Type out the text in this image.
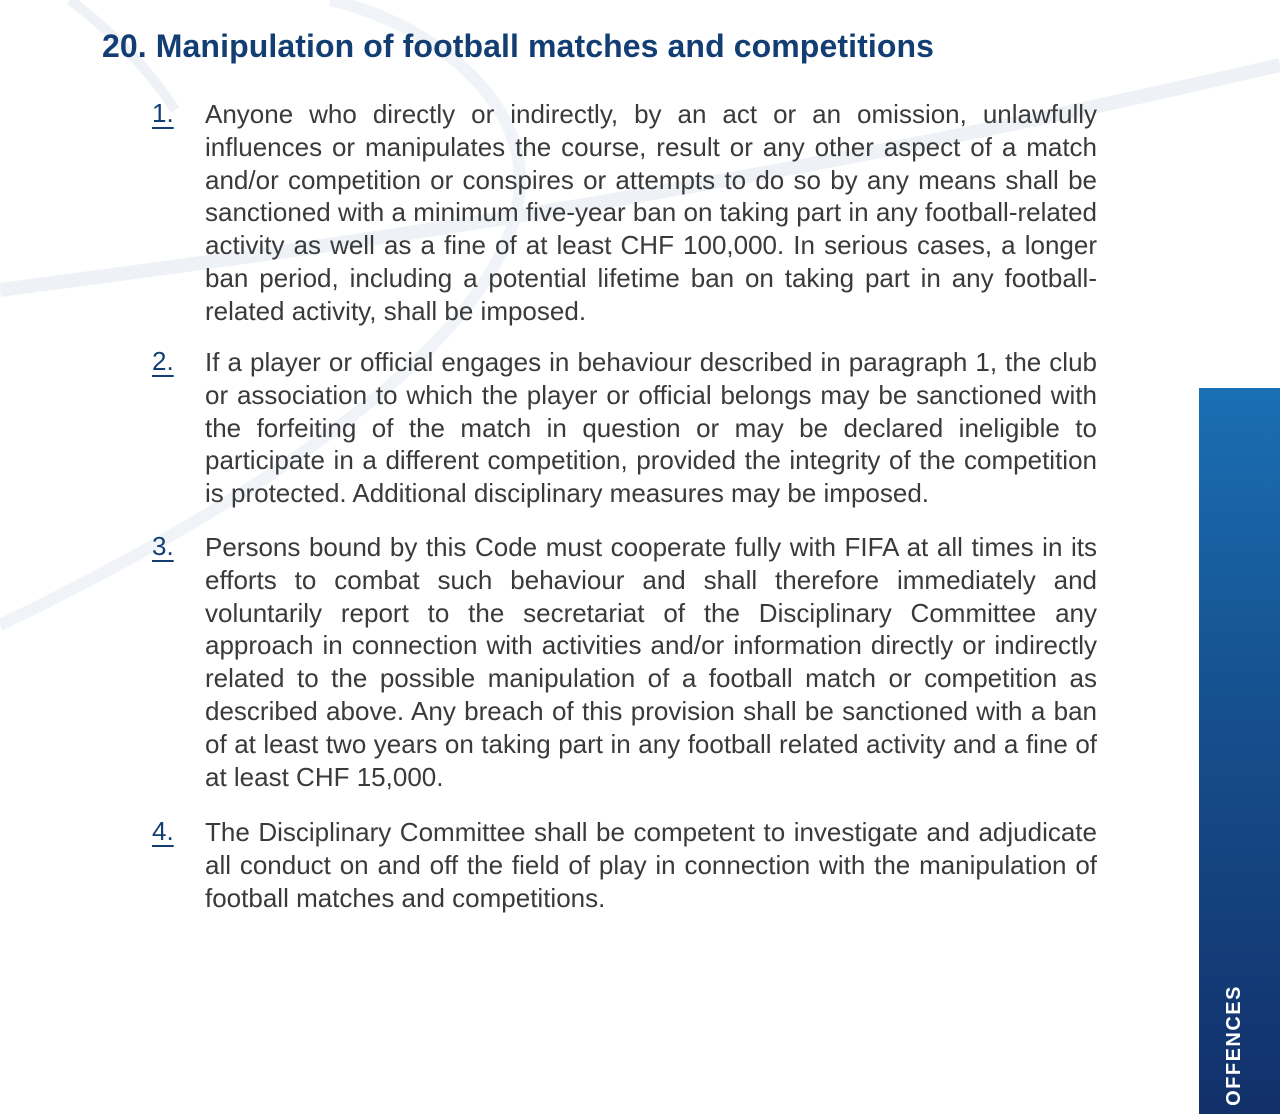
20. Manipulation of football matches and competitions
1. Anyone who directly or indirectly, by an act or an omission, unlawfully influences or manipulates the course, result or any other aspect of a match and/or competition or conspires or attempts to do so by any means shall be sanctioned with a minimum five-year ban on taking part in any football-related activity as well as a fine of at least CHF 100,000. In serious cases, a longer ban period, including a potential lifetime ban on taking part in any football-related activity, shall be imposed.

2. If a player or official engages in behaviour described in paragraph 1, the club or association to which the player or official belongs may be sanctioned with the forfeiting of the match in question or may be declared ineligible to participate in a different competition, provided the integrity of the competition is protected. Additional disciplinary measures may be imposed.

3. Persons bound by this Code must cooperate fully with FIFA at all times in its efforts to combat such behaviour and shall therefore immediately and voluntarily report to the secretariat of the Disciplinary Committee any approach in connection with activities and/or information directly or indirectly related to the possible manipulation of a football match or competition as described above. Any breach of this provision shall be sanctioned with a ban of at least two years on taking part in any football related activity and a fine of at least CHF 15,000.

4. The Disciplinary Committee shall be competent to investigate and adjudicate all conduct on and off the field of play in connection with the manipulation of football matches and competitions.

OFFENCES
